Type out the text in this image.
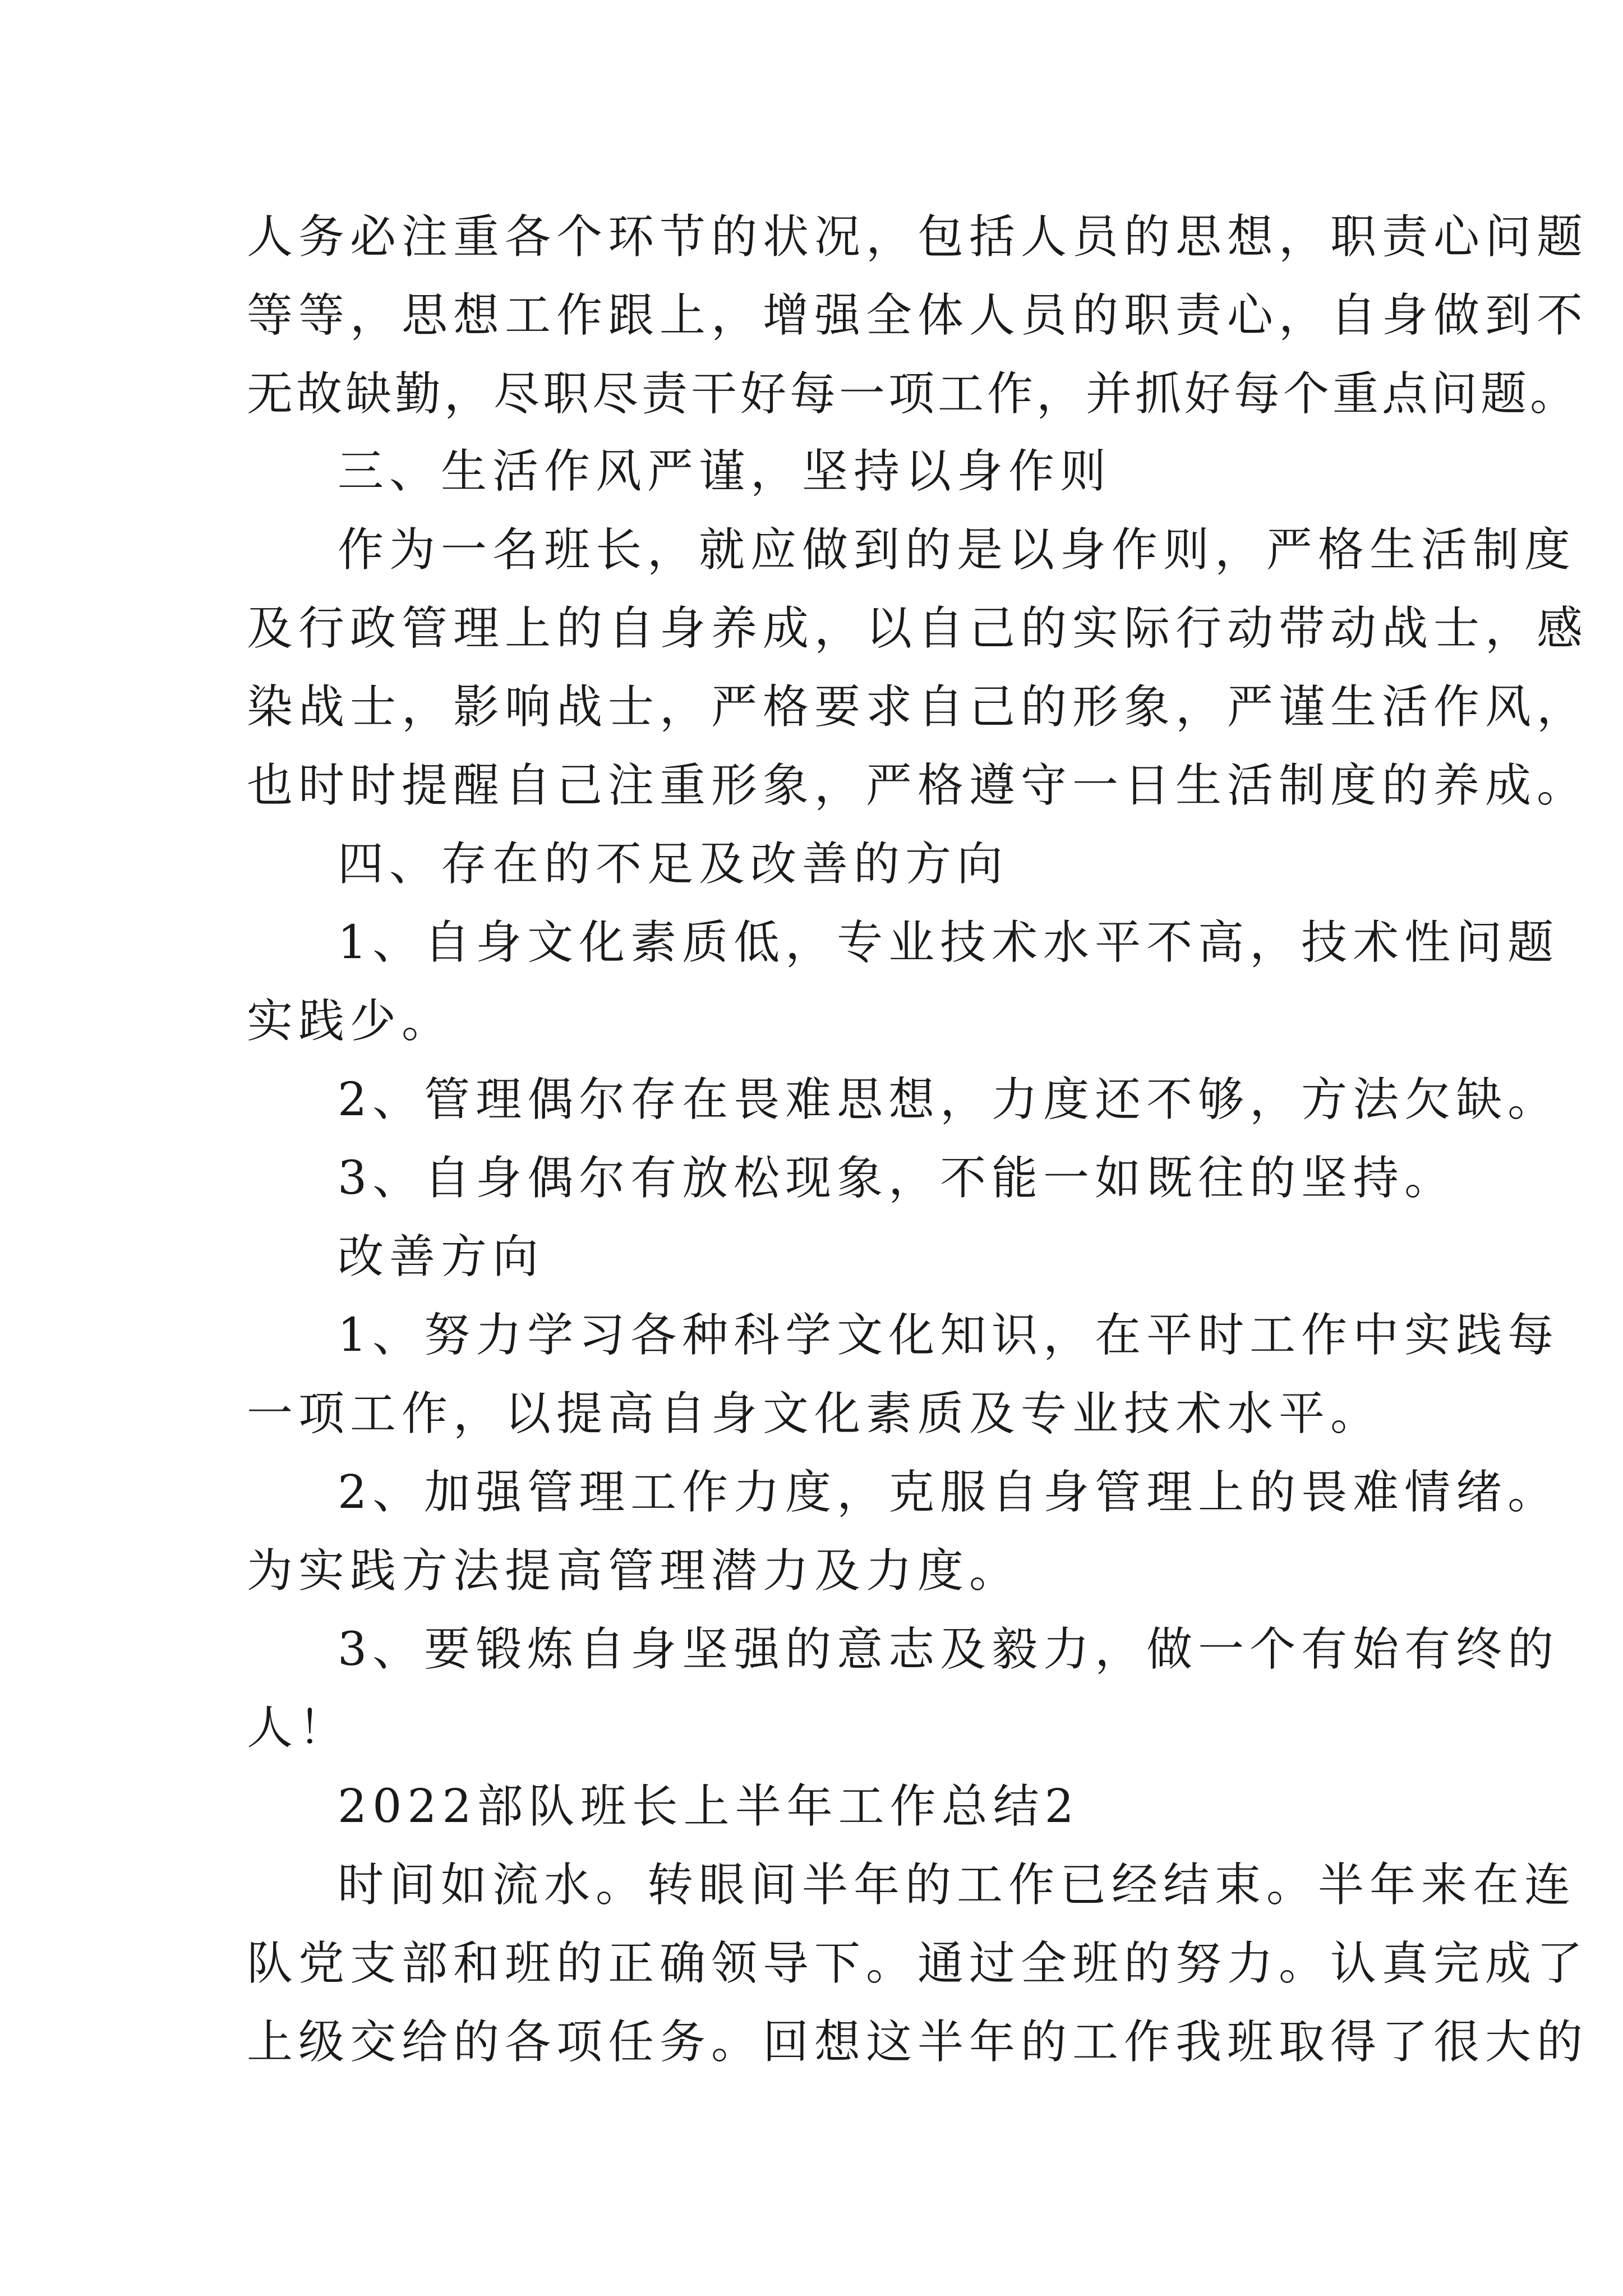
人务必注重各个环节的状况，包括人员的思想，职责心问题
等等，思想工作跟上，增强全体人员的职责心，自身做到不
无故缺勤，尽职尽责干好每一项工作，并抓好每个重点问题。
三、生活作风严谨，坚持以身作则
作为一名班长，就应做到的是以身作则，严格生活制度
及行政管理上的自身养成，以自己的实际行动带动战士，感
染战士，影响战士，严格要求自己的形象，严谨生活作风，
也时时提醒自己注重形象，严格遵守一日生活制度的养成。
四、存在的不足及改善的方向
1、自身文化素质低，专业技术水平不高，技术性问题
实践少。
2、管理偶尔存在畏难思想，力度还不够，方法欠缺。
3、自身偶尔有放松现象，不能一如既往的坚持。
改善方向
1、努力学习各种科学文化知识，在平时工作中实践每
一项工作，以提高自身文化素质及专业技术水平。
2、加强管理工作力度，克服自身管理上的畏难情绪。
为实践方法提高管理潜力及力度。
3、要锻炼自身坚强的意志及毅力，做一个有始有终的
人！
2022部队班长上半年工作总结2
时间如流水。转眼间半年的工作已经结束。半年来在连
队党支部和班的正确领导下。通过全班的努力。认真完成了
上级交给的各项任务。回想这半年的工作我班取得了很大的
